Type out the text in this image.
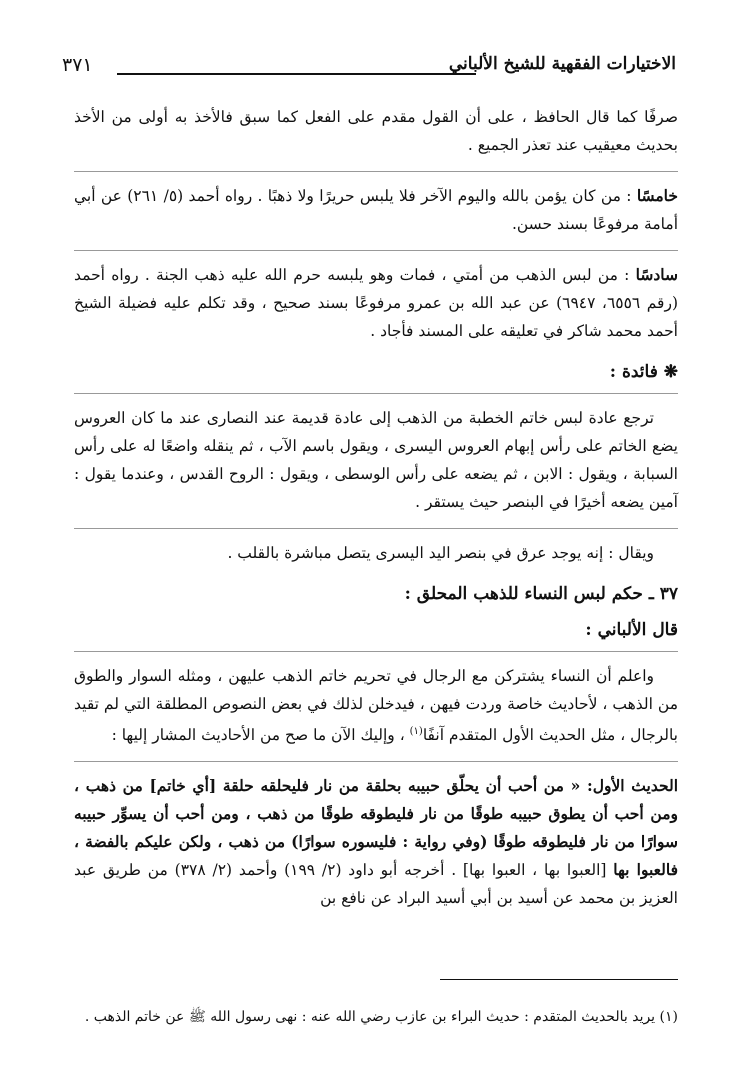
٣٧١	الاختيارات الفقهية للشيخ الألباني

صرفًا كما قال الحافظ ، على أن القول مقدم على الفعل كما سبق فالأخذ به أولى من الأخذ بحديث معيقيب عند تعذر الجميع .

خامسًا : من كان يؤمن بالله واليوم الآخر فلا يلبس حريرًا ولا ذهبًا . رواه أحمد (٥/ ٢٦١) عن أبي أمامة مرفوعًا بسند حسن.

سادسًا : من لبس الذهب من أمتي ، فمات وهو يلبسه حرم الله عليه ذهب الجنة . رواه أحمد (رقم ٦٥٥٦، ٦٩٤٧) عن عبد الله بن عمرو مرفوعًا بسند صحيح ، وقد تكلم عليه فضيلة الشيخ أحمد محمد شاكر في تعليقه على المسند فأجاد .

❋ فائدة :

ترجع عادة لبس خاتم الخطبة من الذهب إلى عادة قديمة عند النصارى عند ما كان العروس يضع الخاتم على رأس إبهام العروس اليسرى ، ويقول باسم الآب ، ثم ينقله واضعًا له على رأس السبابة ، ويقول : الابن ، ثم يضعه على رأس الوسطى ، ويقول : الروح القدس ، وعندما يقول : آمين يضعه أخيرًا في البنصر حيث يستقر .

ويقال : إنه يوجد عرق في بنصر اليد اليسرى يتصل مباشرة بالقلب .

٣٧ ـ حكم لبس النساء للذهب المحلق :

قال الألباني :

واعلم أن النساء يشتركن مع الرجال في تحريم خاتم الذهب عليهن ، ومثله السوار والطوق من الذهب ، لأحاديث خاصة وردت فيهن ، فيدخلن لذلك في بعض النصوص المطلقة التي لم تقيد بالرجال ، مثل الحديث الأول المتقدم آنفًا$^{(١)}$ ، وإليك الآن ما صح من الأحاديث المشار إليها :

الحديث الأول: « من أحب أن يحلّق حبيبه بحلقة من نار فليحلقه حلقة [أي خاتم] من ذهب ، ومن أحب أن يطوق حبيبه طوقًا من نار فليطوقه طوقًا من ذهب ، ومن أحب أن يسوِّر حبيبه سوارًا من نار فليطوقه طوقًا (وفي رواية : فليسوره سوارًا) من ذهب ، ولكن عليكم بالفضة ، فالعبوا بها [العبوا بها ، العبوا بها] . أخرجه أبو داود (٢/ ١٩٩) وأحمد (٢/ ٣٧٨) من طريق عبد العزيز بن محمد عن أسيد بن أبي أسيد البراد عن نافع بن

(١) يريد بالحديث المتقدم : حديث البراء بن عازب رضي الله عنه : نهى رسول الله ﷺ عن خاتم الذهب .
